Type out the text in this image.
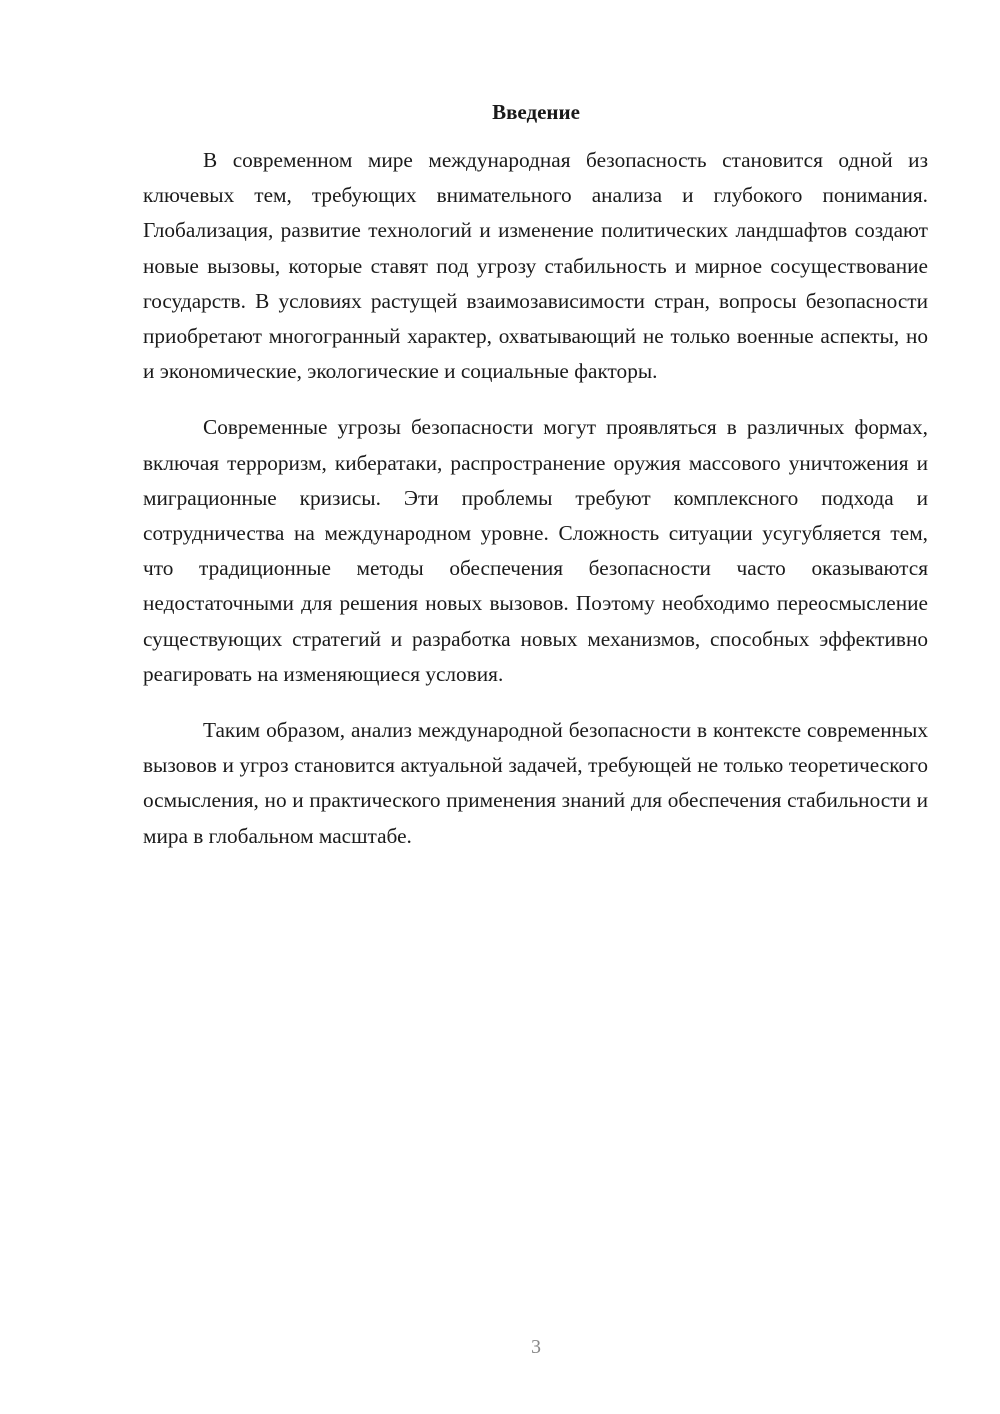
Введение

В современном мире международная безопасность становится одной из ключевых тем, требующих внимательного анализа и глубокого понимания. Глобализация, развитие технологий и изменение политических ландшафтов создают новые вызовы, которые ставят под угрозу стабильность и мирное сосуществование государств. В условиях растущей взаимозависимости стран, вопросы безопасности приобретают многогранный характер, охватывающий не только военные аспекты, но и экономические, экологические и социальные факторы.

Современные угрозы безопасности могут проявляться в различных формах, включая терроризм, кибератаки, распространение оружия массового уничтожения и миграционные кризисы. Эти проблемы требуют комплексного подхода и сотрудничества на международном уровне. Сложность ситуации усугубляется тем, что традиционные методы обеспечения безопасности часто оказываются недостаточными для решения новых вызовов. Поэтому необходимо переосмысление существующих стратегий и разработка новых механизмов, способных эффективно реагировать на изменяющиеся условия.

Таким образом, анализ международной безопасности в контексте современных вызовов и угроз становится актуальной задачей, требующей не только теоретического осмысления, но и практического применения знаний для обеспечения стабильности и мира в глобальном масштабе.

3
